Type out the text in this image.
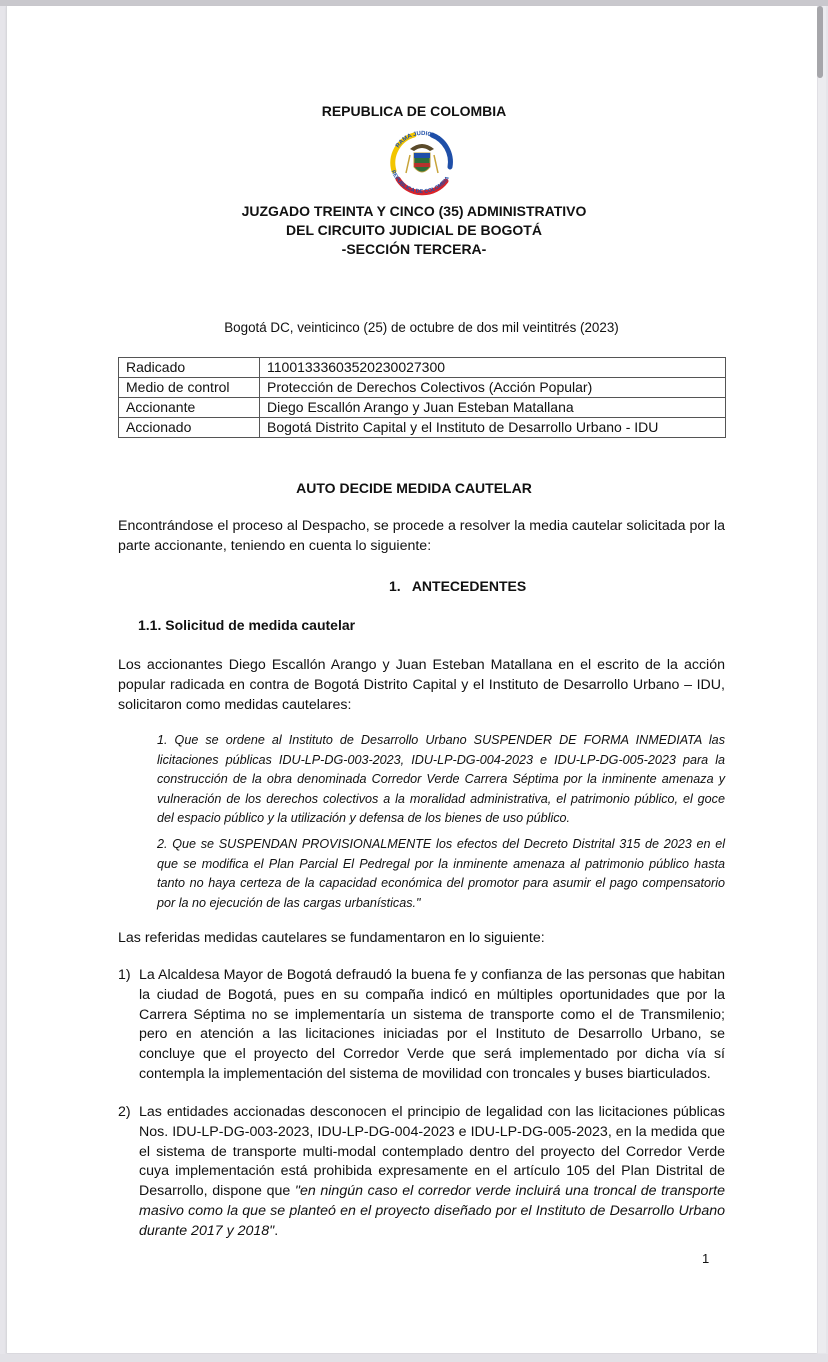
REPUBLICA DE COLOMBIA
RAMA JUDICIAL
REPUBLICA DE COLOMBIA
JUZGADO TREINTA Y CINCO (35) ADMINISTRATIVO
DEL CIRCUITO JUDICIAL DE BOGOTÁ
-SECCIÓN TERCERA-
Bogotá DC, veinticinco (25) de octubre de dos mil veintitrés (2023)
Radicado	11001333603520230027300
Medio de control	Protección de Derechos Colectivos (Acción Popular)
Accionante	Diego Escallón Arango y Juan Esteban Matallana
Accionado	Bogotá Distrito Capital y el Instituto de Desarrollo Urbano - IDU
AUTO DECIDE MEDIDA CAUTELAR
Encontrándose el proceso al Despacho, se procede a resolver la media cautelar solicitada por la parte accionante, teniendo en cuenta lo siguiente:
1.   ANTECEDENTES
1.1. Solicitud de medida cautelar
Los accionantes Diego Escallón Arango y Juan Esteban Matallana en el escrito de la acción popular radicada en contra de Bogotá Distrito Capital y el Instituto de Desarrollo Urbano – IDU, solicitaron como medidas cautelares:
1. Que se ordene al Instituto de Desarrollo Urbano SUSPENDER DE FORMA INMEDIATA las licitaciones públicas IDU-LP-DG-003-2023, IDU-LP-DG-004-2023 e IDU-LP-DG-005-2023 para la construcción de la obra denominada Corredor Verde Carrera Séptima por la inminente amenaza y vulneración de los derechos colectivos a la moralidad administrativa, el patrimonio público, el goce del espacio público y la utilización y defensa de los bienes de uso público.
2. Que se SUSPENDAN PROVISIONALMENTE los efectos del Decreto Distrital 315 de 2023 en el que se modifica el Plan Parcial El Pedregal por la inminente amenaza al patrimonio público hasta tanto no haya certeza de la capacidad económica del promotor para asumir el pago compensatorio por la no ejecución de las cargas urbanísticas."
Las referidas medidas cautelares se fundamentaron en lo siguiente:
1) La Alcaldesa Mayor de Bogotá defraudó la buena fe y confianza de las personas que habitan la ciudad de Bogotá, pues en su compaña indicó en múltiples oportunidades que por la Carrera Séptima no se implementaría un sistema de transporte como el de Transmilenio; pero en atención a las licitaciones iniciadas por el Instituto de Desarrollo Urbano, se concluye que el proyecto del Corredor Verde que será implementado por dicha vía sí contempla la implementación del sistema de movilidad con troncales y buses biarticulados.
2) Las entidades accionadas desconocen el principio de legalidad con las licitaciones públicas Nos. IDU-LP-DG-003-2023, IDU-LP-DG-004-2023 e IDU-LP-DG-005-2023, en la medida que el sistema de transporte multi-modal contemplado dentro del proyecto del Corredor Verde cuya implementación está prohibida expresamente en el artículo 105 del Plan Distrital de Desarrollo, dispone que "en ningún caso el corredor verde incluirá una troncal de transporte masivo como la que se planteó en el proyecto diseñado por el Instituto de Desarrollo Urbano durante 2017 y 2018".
1
